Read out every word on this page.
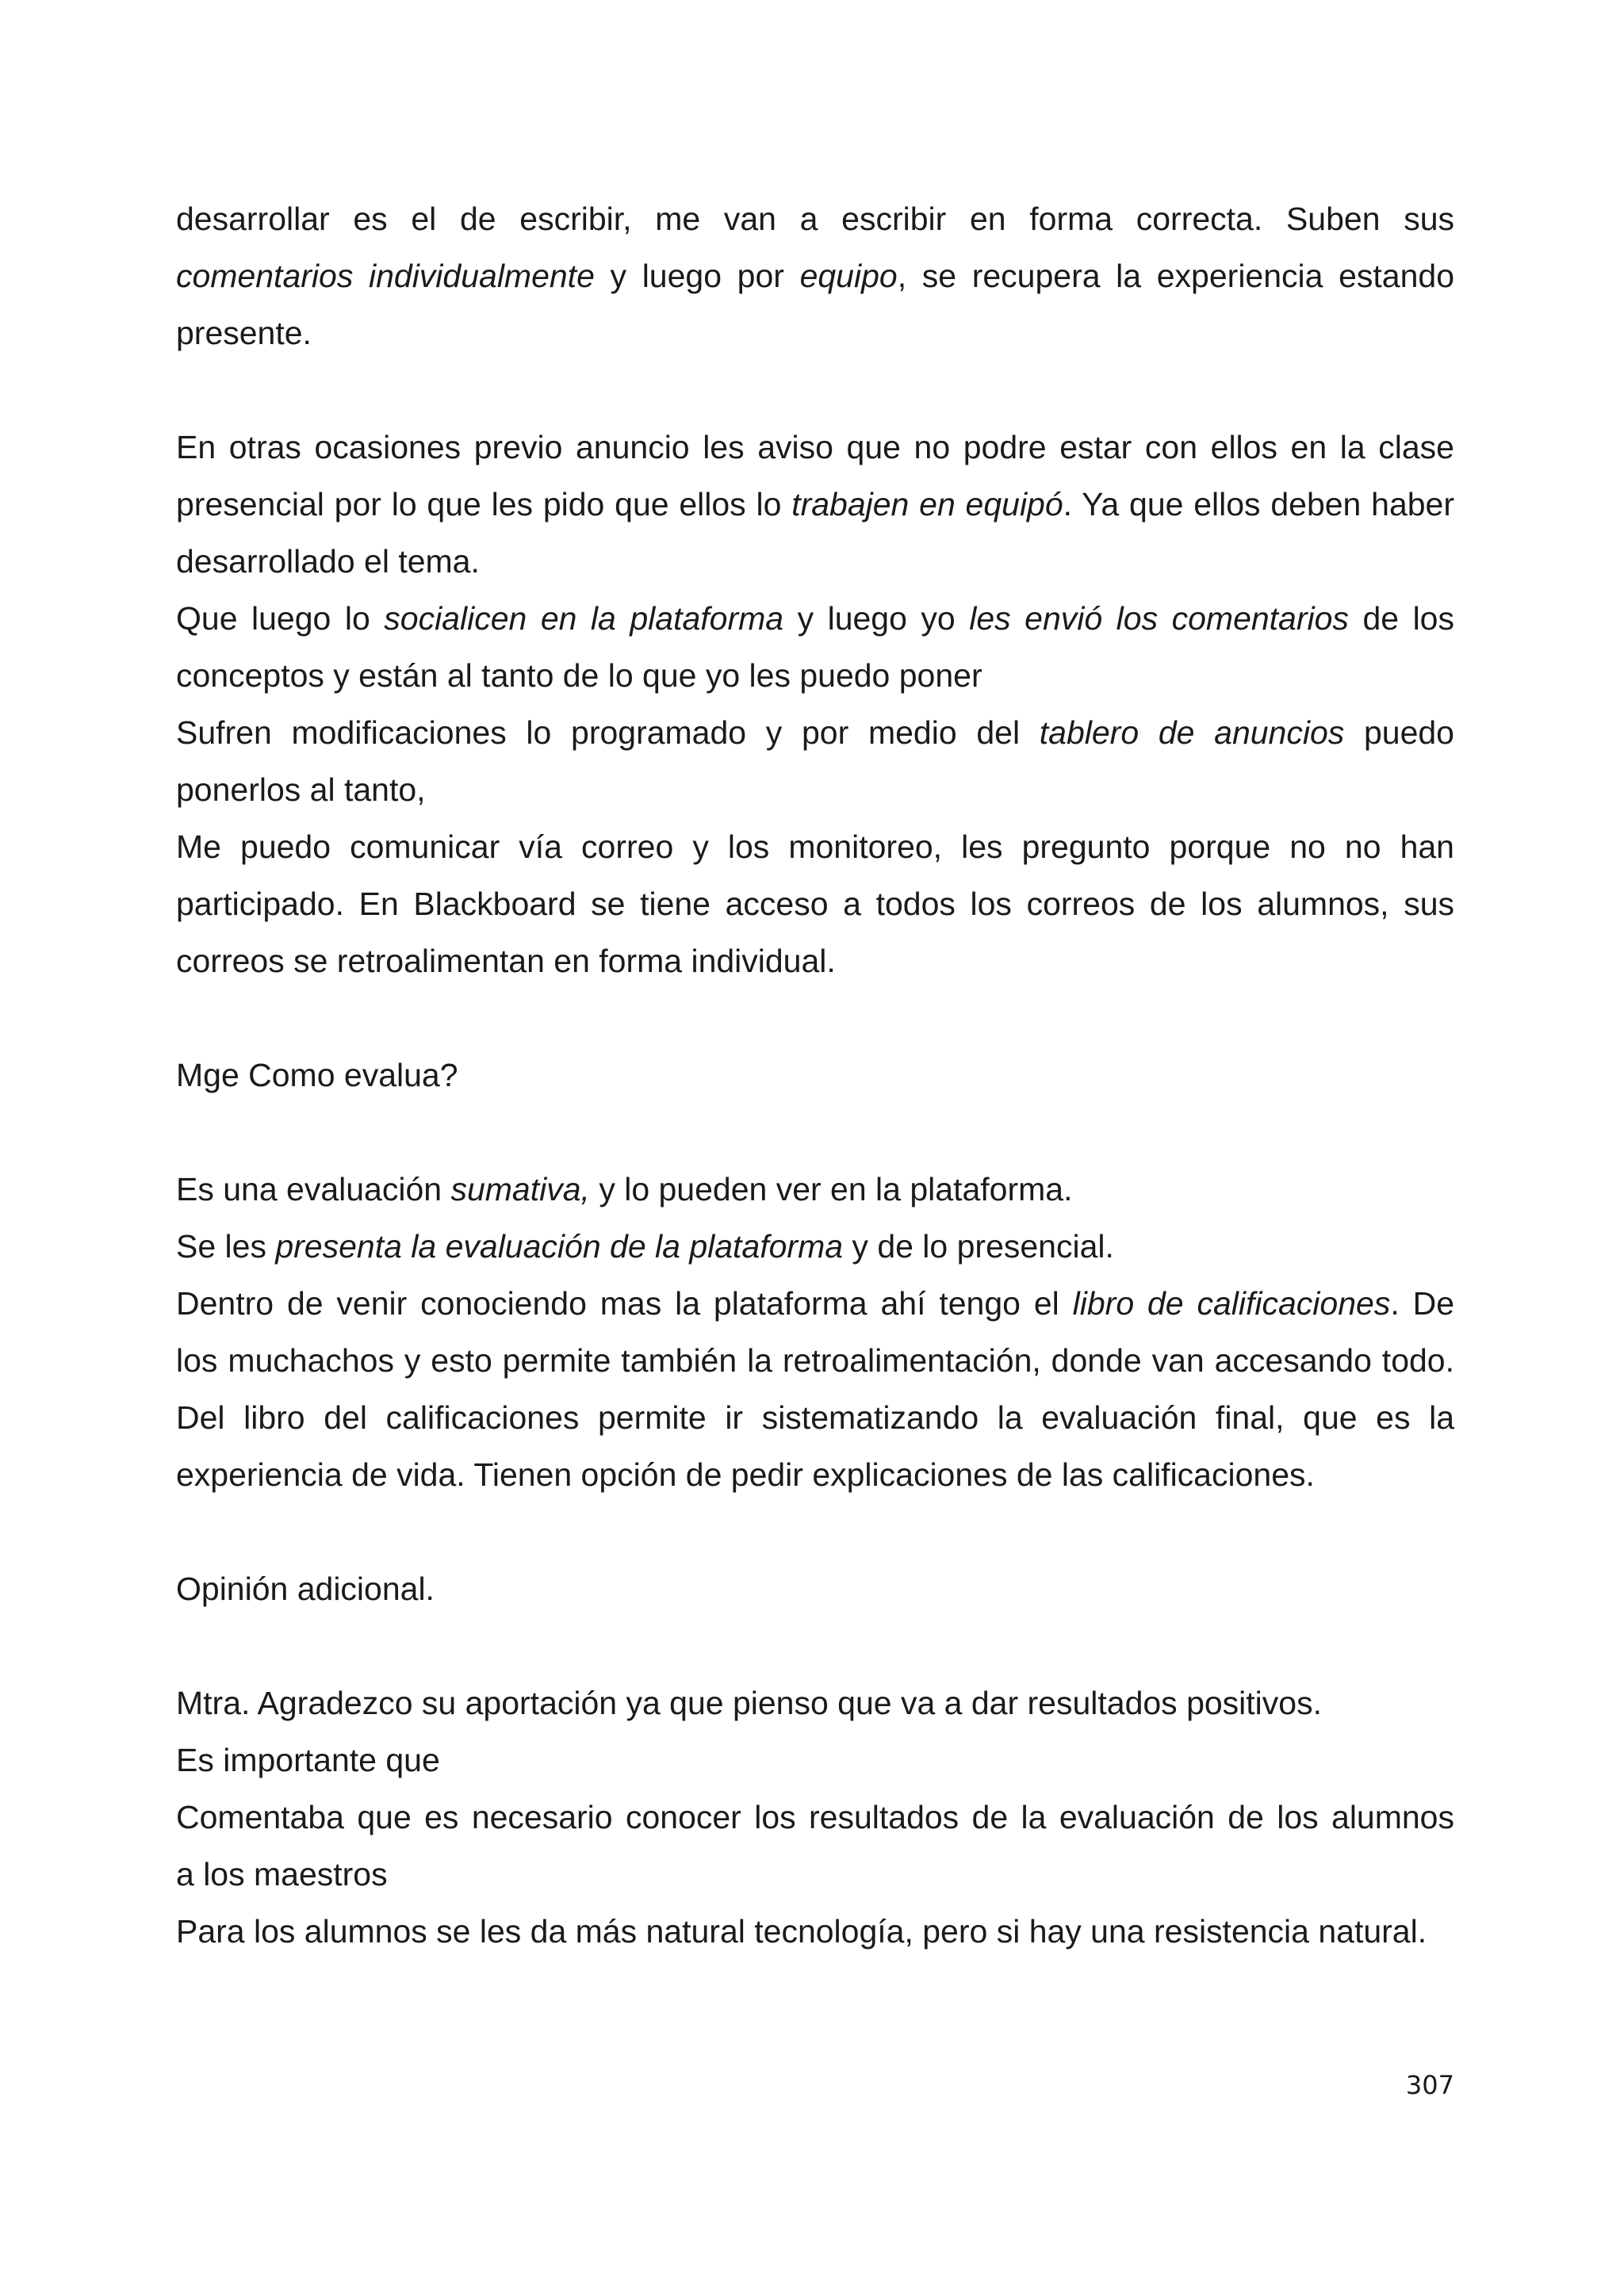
desarrollar es el de escribir, me van a escribir en forma correcta. Suben sus

comentarios individualmente y luego por equipo, se recupera la experiencia estando

presente.

En otras ocasiones previo anuncio les aviso que no podre estar con ellos en la clase

presencial por lo que les pido que ellos lo trabajen en equipó. Ya que ellos deben haber

desarrollado el tema.

Que luego lo socialicen en la plataforma y luego yo les envió los comentarios de los

conceptos y están al tanto de lo que yo les puedo poner

Sufren modificaciones lo programado y por medio del tablero de anuncios puedo

ponerlos al tanto,

Me puedo comunicar vía correo y los monitoreo, les pregunto porque no no han

participado. En Blackboard se tiene acceso a todos los correos de los alumnos, sus

correos se retroalimentan en forma individual.

Mge Como evalua?

Es una evaluación sumativa, y lo pueden ver en la plataforma.

Se les presenta la evaluación de la plataforma y de lo presencial.

Dentro de venir conociendo mas la plataforma ahí tengo el libro de calificaciones. De

los muchachos y esto permite también la retroalimentación, donde van accesando todo.

Del libro del calificaciones permite ir sistematizando la evaluación final, que es la

experiencia de vida. Tienen opción de pedir explicaciones de las calificaciones.

Opinión adicional.

Mtra. Agradezco su aportación ya que pienso que va a dar resultados positivos.

Es importante que

Comentaba que es necesario conocer los resultados de la evaluación de los alumnos

a los maestros

Para los alumnos se les da más natural tecnología, pero si hay una resistencia natural.

307
